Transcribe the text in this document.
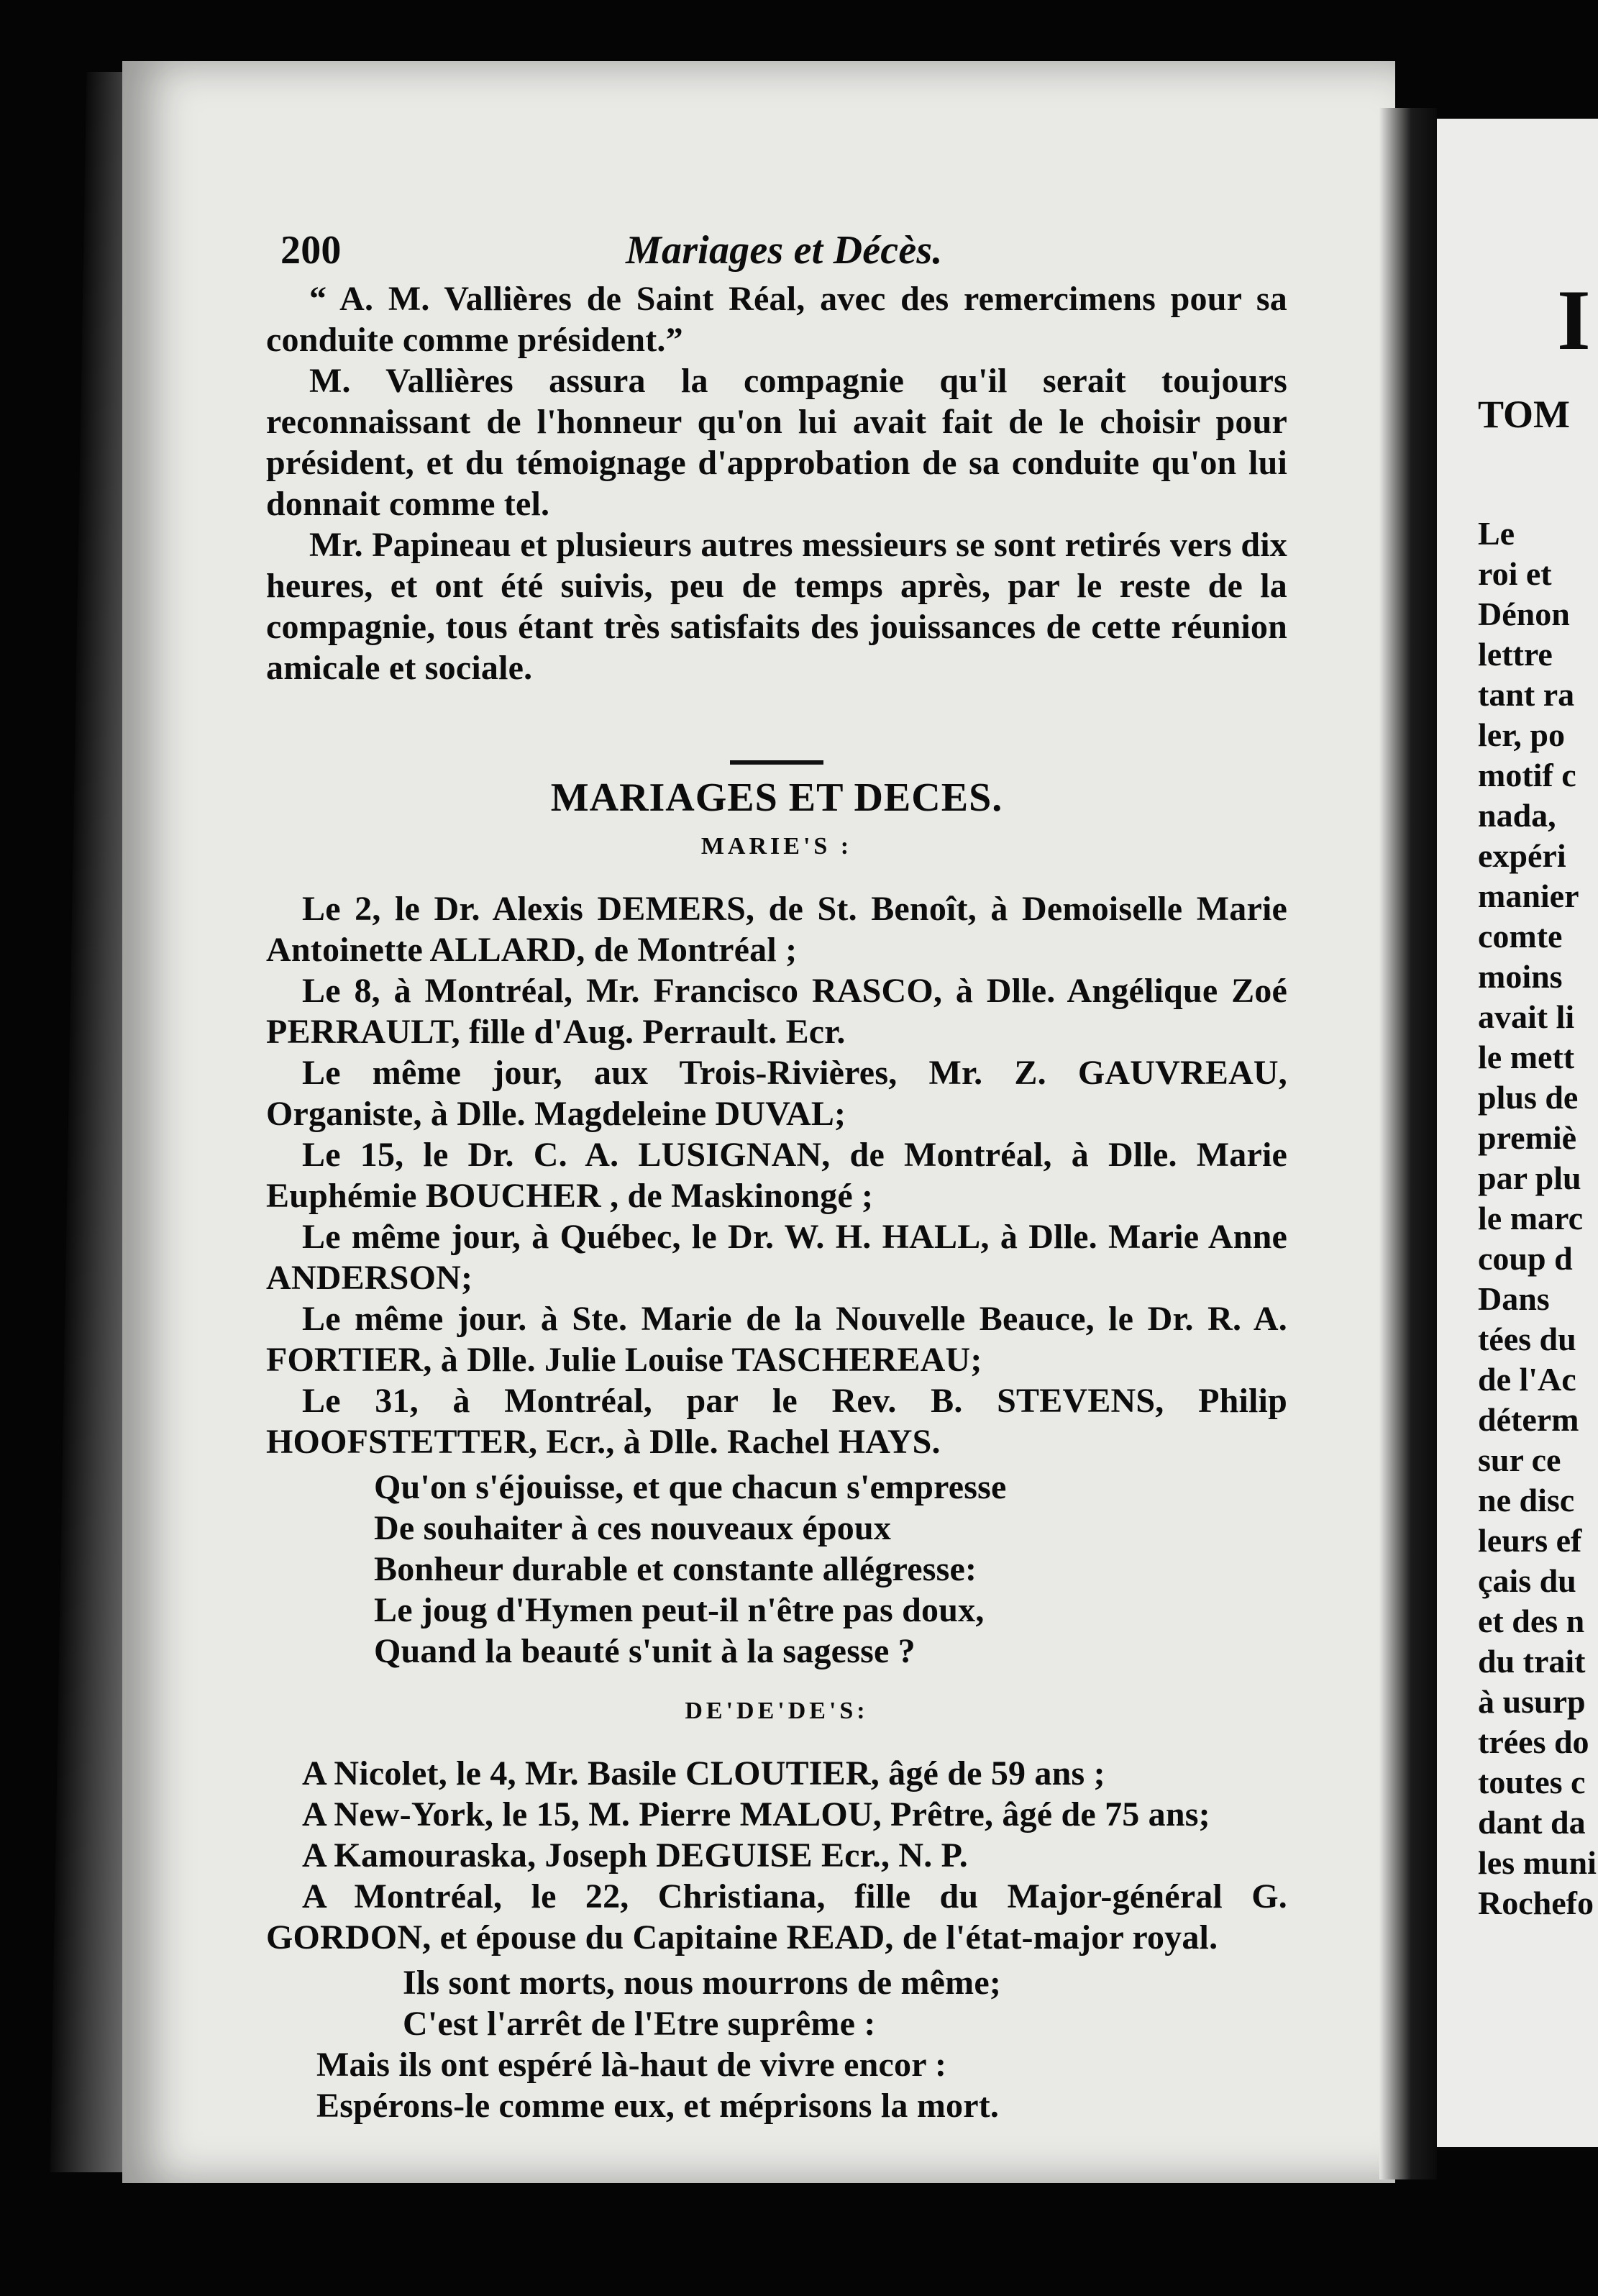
200	Mariages et Décès.

“ A. M. Vallières de Saint Réal, avec des remercimens pour sa conduite comme président.”

M. Vallières assura la compagnie qu'il serait toujours reconnaissant de l'honneur qu'on lui avait fait de le choisir pour président, et du témoignage d'approbation de sa conduite qu'on lui donnait comme tel.

Mr. Papineau et plusieurs autres messieurs se sont retirés vers dix heures, et ont été suivis, peu de temps après, par le reste de la compagnie, tous étant très satisfaits des jouissances de cette réunion amicale et sociale.

MARIAGES ET DECES.
MARIE'S :

Le 2, le Dr. Alexis DEMERS, de St. Benoît, à Demoiselle Marie Antoinette ALLARD, de Montréal ;

Le 8, à Montréal, Mr. Francisco RASCO, à Dlle. Angélique Zoé PERRAULT, fille d'Aug. Perrault. Ecr.

Le même jour, aux Trois-Rivières, Mr. Z. GAUVREAU, Organiste, à Dlle. Magdeleine DUVAL;

Le 15, le Dr. C. A. LUSIGNAN, de Montréal, à Dlle. Marie Euphémie BOUCHER , de Maskinongé ;

Le même jour, à Québec, le Dr. W. H. HALL, à Dlle. Marie Anne ANDERSON;

Le même jour. à Ste. Marie de la Nouvelle Beauce, le Dr. R. A. FORTIER, à Dlle. Julie Louise TASCHEREAU;

Le 31, à Montréal, par le Rev. B. STEVENS, Philip HOOFSTETTER, Ecr., à Dlle. Rachel HAYS.

Qu'on s'éjouisse, et que chacun s'empresse
De souhaiter à ces nouveaux époux
Bonheur durable et constante allégresse:
Le joug d'Hymen peut-il n'être pas doux,
Quand la beauté s'unit à la sagesse ?
DE'DE'DE'S:

A Nicolet, le 4, Mr. Basile CLOUTIER, âgé de 59 ans ;

A New-York, le 15, M. Pierre MALOU, Prêtre, âgé de 75 ans;

A Kamouraska, Joseph DEGUISE Ecr., N. P.

A Montréal, le 22, Christiana, fille du Major-général G. GORDON, et épouse du Capitaine READ, de l'état-major royal.

Ils sont morts, nous mourrons de même;
C'est l'arrêt de l'Etre suprême :
Mais ils ont espéré là-haut de vivre encor :
Espérons-le comme eux, et méprisons la mort.
I
TOM
Le
roi et
Dénon
lettre
tant ra
ler, po
motif c
nada,
expéri
manier
comte
moins
avait li
le mett
plus de
premiè
par plu
le marc
coup d
Dans
tées du
de l'Ac
déterm
sur ce
ne disc
leurs ef
çais du
et des n
du trait
à usurp
trées do
toutes c
dant da
les muni
Rochefo
